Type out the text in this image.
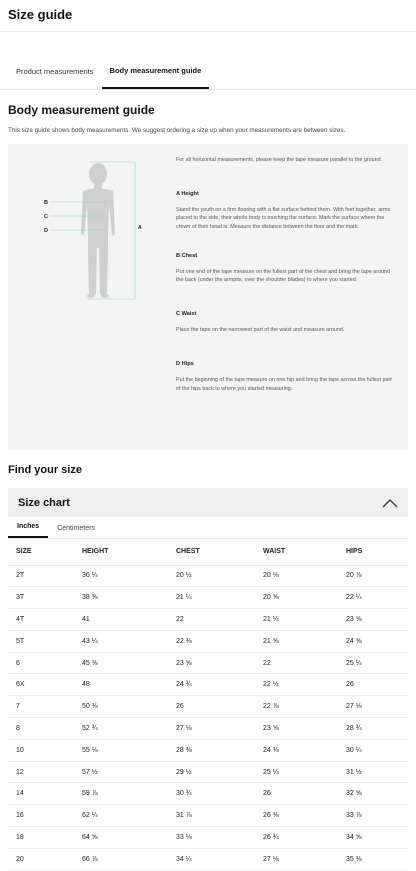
Size guide
Product measurements	Body measurement guide
Body measurement guide
This size guide shows body measurements. We suggest ordering a size up when your measurements are between sizes.
B
C
D	A
For all horizontal measurements, please keep the tape measure parallel to the ground.
A Height
Stand the youth on a firm flooring with a flat surface behind them. With feet together, arms placed to the side, their whole body is touching the surface. Mark the surface where the crown of their head is. Measure the distance between the floor and the mark.
B Chest
Put one end of the tape measure on the fullest part of the chest and bring the tape around the back (under the armpits, over the shoulder blades) to where you started.
C Waist
Place the tape on the narrowest part of the waist and measure around.
D Hips
Put the beginning of the tape measure on one hip and bring the tape across the fullest part of the hips back to where you started measuring.
Find your size
Size chart
Inches	Centimeters
SIZE	HEIGHT	CHEST	WAIST	HIPS
2T	36 ¼	20 ½	20 ⅛	20 ⅞
3T	38 ⅝	21 ¼	20 ⅝	22 ¼
4T	41	22	21 ¼	23 ⅝
5T	43 ¼	22 ⅜	21 ⅝	24 ⅝
6	45 ⅝	23 ⅝	22	25 ¼
6X	48	24 ¾	22 ½	26
7	50 ⅜	26	22 ⅞	27 ⅛
8	52 ¾	27 ⅛	23 ⅝	28 ¾
10	55 ⅛	28 ⅜	24 ⅜	30 ¼
12	57 ½	29 ½	25 ¼	31 ½
14	59 ⅞	30 ¾	26	32 ⅝
16	62 ¼	31 ⅞	26 ⅜	33 ⅞
18	64 ⅝	33 ⅛	26 ¾	34 ⅝
20	66 ⅞	34 ¼	27 ⅛	35 ⅜
